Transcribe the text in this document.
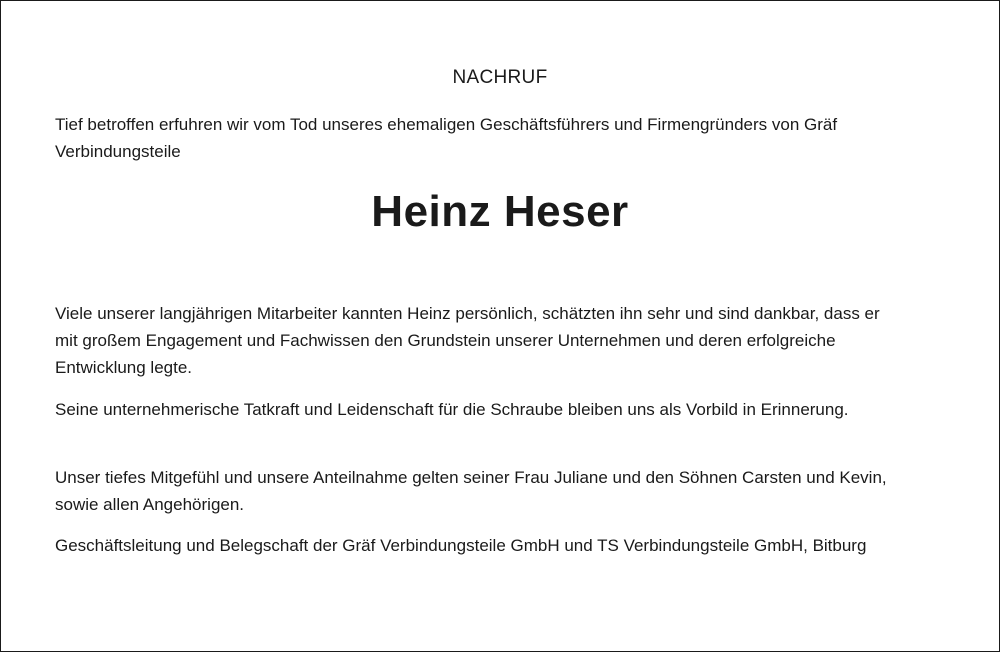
NACHRUF

Tief betroffen erfuhren wir vom Tod unseres ehemaligen Geschäftsführers und Firmengründers von Gräf Verbindungsteile

Heinz Heser

Viele unserer langjährigen Mitarbeiter kannten Heinz persönlich, schätzten ihn sehr und sind dankbar, dass er mit großem Engagement und Fachwissen den Grundstein unserer Unternehmen und deren erfolgreiche Entwicklung legte.

Seine unternehmerische Tatkraft und Leidenschaft für die Schraube bleiben uns als Vorbild in Erinnerung.

Unser tiefes Mitgefühl und unsere Anteilnahme gelten seiner Frau Juliane und den Söhnen Carsten und Kevin, sowie allen Angehörigen.

Geschäftsleitung und Belegschaft der Gräf Verbindungsteile GmbH und TS Verbindungsteile GmbH, Bitburg
